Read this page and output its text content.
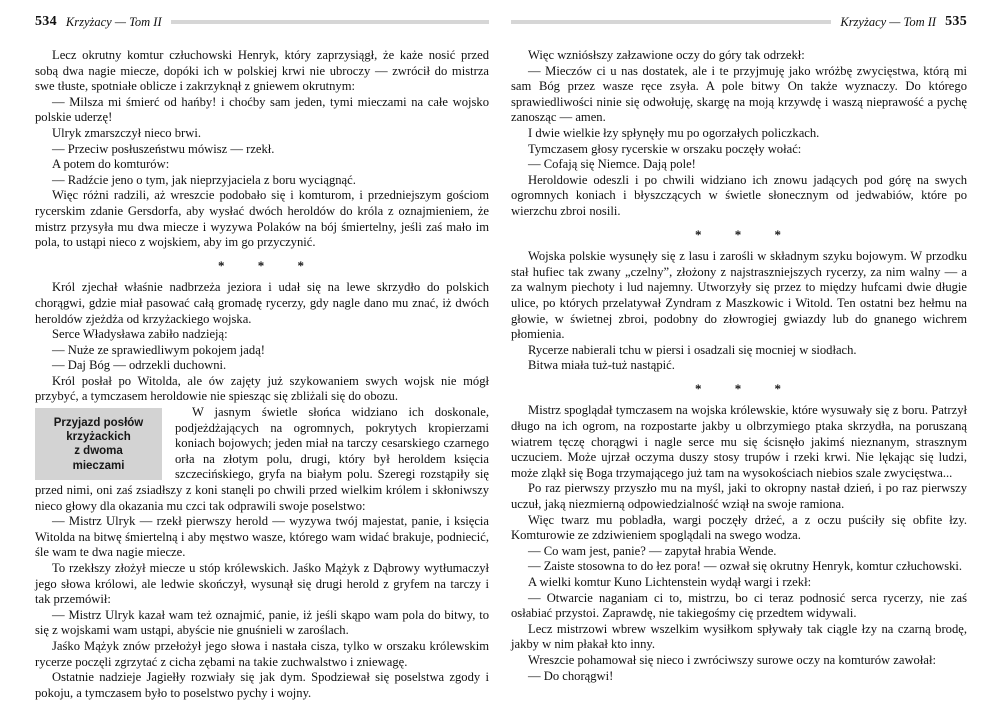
534 Krzyżacy — Tom II

Lecz okrutny komtur człuchowski Henryk, który zaprzysiągł, że każe nosić przed sobą dwa nagie miecze, dopóki ich w polskiej krwi nie ubroczy — zwrócił do mistrza swe tłuste, spotniałe oblicze i zakrzyknął z gniewem okrutnym:

— Milsza mi śmierć od hańby! i choćby sam jeden, tymi mieczami na całe wojsko polskie uderzę!

Ulryk zmarszczył nieco brwi.

— Przeciw posłuszeństwu mówisz — rzekł.

A potem do komturów:

— Radźcie jeno o tym, jak nieprzyjaciela z boru wyciągnąć.

Więc różni radzili, aż wreszcie podobało się i komturom, i przedniejszym gościom rycerskim zdanie Gersdorfa, aby wysłać dwóch heroldów do króla z oznajmieniem, że mistrz przysyła mu dwa miecze i wyzywa Polaków na bój śmiertelny, jeśli zaś mało im pola, to ustąpi nieco z wojskiem, aby im go przyczynić.

* * *

Król zjechał właśnie nadbrzeża jeziora i udał się na lewe skrzydło do polskich chorągwi, gdzie miał pasować całą gromadę rycerzy, gdy nagle dano mu znać, iż dwóch heroldów zjeżdża od krzyżackiego wojska.

Serce Władysława zabiło nadzieją:

— Nuże ze sprawiedliwym pokojem jadą!

— Daj Bóg — odrzekli duchowni.

Król posłał po Witolda, ale ów zajęty już szykowaniem swych wojsk nie mógł przybyć, a tymczasem heroldowie nie spiesząc się zbliżali się do obozu.

Przyjazd posłów
krzyżackich
z dwoma
mieczami
W jasnym świetle słońca widziano ich doskonale, podjeżdżających na ogromnych, pokrytych kropierzami koniach bojowych; jeden miał na tarczy cesarskiego czarnego orła na złotym polu, drugi, który był heroldem księcia szczecińskiego, gryfa na białym polu. Szeregi rozstąpiły się przed nimi, oni zaś zsiadłszy z koni stanęli po chwili przed wielkim królem i skłoniwszy nieco głowy dla okazania mu czci tak odprawili swoje poselstwo:

— Mistrz Ulryk — rzekł pierwszy herold — wyzywa twój majestat, panie, i księcia Witolda na bitwę śmiertelną i aby męstwo wasze, którego wam widać brakuje, podniecić, śle wam te dwa nagie miecze.

To rzekłszy złożył miecze u stóp królewskich. Jaśko Mążyk z Dąbrowy wytłumaczył jego słowa królowi, ale ledwie skończył, wysunął się drugi herold z gryfem na tarczy i tak przemówił:

— Mistrz Ulryk kazał wam też oznajmić, panie, iż jeśli skąpo wam pola do bitwy, to się z wojskami wam ustąpi, abyście nie gnuśnieli w zaroślach.

Jaśko Mążyk znów przełożył jego słowa i nastała cisza, tylko w orszaku królewskim rycerze poczęli zgrzytać z cicha zębami na takie zuchwalstwo i zniewagę.

Ostatnie nadzieje Jagiełły rozwiały się jak dym. Spodziewał się poselstwa zgody i pokoju, a tymczasem było to poselstwo pychy i wojny.

Krzyżacy — Tom II 535

Więc wzniósłszy załzawione oczy do góry tak odrzekł:

— Mieczów ci u nas dostatek, ale i te przyjmuję jako wróżbę zwycięstwa, którą mi sam Bóg przez wasze ręce zsyła. A pole bitwy On także wyznaczy. Do którego sprawiedliwości ninie się odwołuję, skargę na moją krzywdę i waszą nieprawość a pychę zanosząc — amen.

I dwie wielkie łzy spłynęły mu po ogorzałych policzkach.

Tymczasem głosy rycerskie w orszaku poczęły wołać:

— Cofają się Niemce. Dają pole!

Heroldowie odeszli i po chwili widziano ich znowu jadących pod górę na swych ogromnych koniach i błyszczących w świetle słonecznym od jedwabiów, które po wierzchu zbroi nosili.

* * *

Wojska polskie wysunęły się z lasu i zarośli w składnym szyku bojowym. W przodku stał hufiec tak zwany „czelny”, złożony z najstraszniejszych rycerzy, za nim walny — a za walnym piechoty i lud najemny. Utworzyły się przez to między hufcami dwie długie ulice, po których przelatywał Zyndram z Maszkowic i Witold. Ten ostatni bez hełmu na głowie, w świetnej zbroi, podobny do złowrogiej gwiazdy lub do gnanego wichrem płomienia.

Rycerze nabierali tchu w piersi i osadzali się mocniej w siodłach.

Bitwa miała tuż-tuż nastąpić.

* * *

Mistrz spoglądał tymczasem na wojska królewskie, które wysuwały się z boru. Patrzył długo na ich ogrom, na rozpostarte jakby u olbrzymiego ptaka skrzydła, na poruszaną wiatrem tęczę chorągwi i nagle serce mu się ścisnęło jakimś nieznanym, strasznym uczuciem. Może ujrzał oczyma duszy stosy trupów i rzeki krwi. Nie lękając się ludzi, może zląkł się Boga trzymającego już tam na wysokościach niebios szale zwycięstwa...

Po raz pierwszy przyszło mu na myśl, jaki to okropny nastał dzień, i po raz pierwszy uczuł, jaką niezmierną odpowiedzialność wziął na swoje ramiona.

Więc twarz mu pobladła, wargi poczęły drżeć, a z oczu puściły się obfite łzy. Komturowie ze zdziwieniem spoglądali na swego wodza.

— Co wam jest, panie? — zapytał hrabia Wende.

— Zaiste stosowna to do łez pora! — ozwał się okrutny Henryk, komtur człuchowski.

A wielki komtur Kuno Lichtenstein wydął wargi i rzekł:

— Otwarcie naganiam ci to, mistrzu, bo ci teraz podnosić serca rycerzy, nie zaś osłabiać przystoi. Zaprawdę, nie takiegośmy cię przedtem widywali.

Lecz mistrzowi wbrew wszelkim wysiłkom spływały tak ciągle łzy na czarną brodę, jakby w nim płakał kto inny.

Wreszcie pohamował się nieco i zwróciwszy surowe oczy na komturów zawołał:

— Do chorągwi!
